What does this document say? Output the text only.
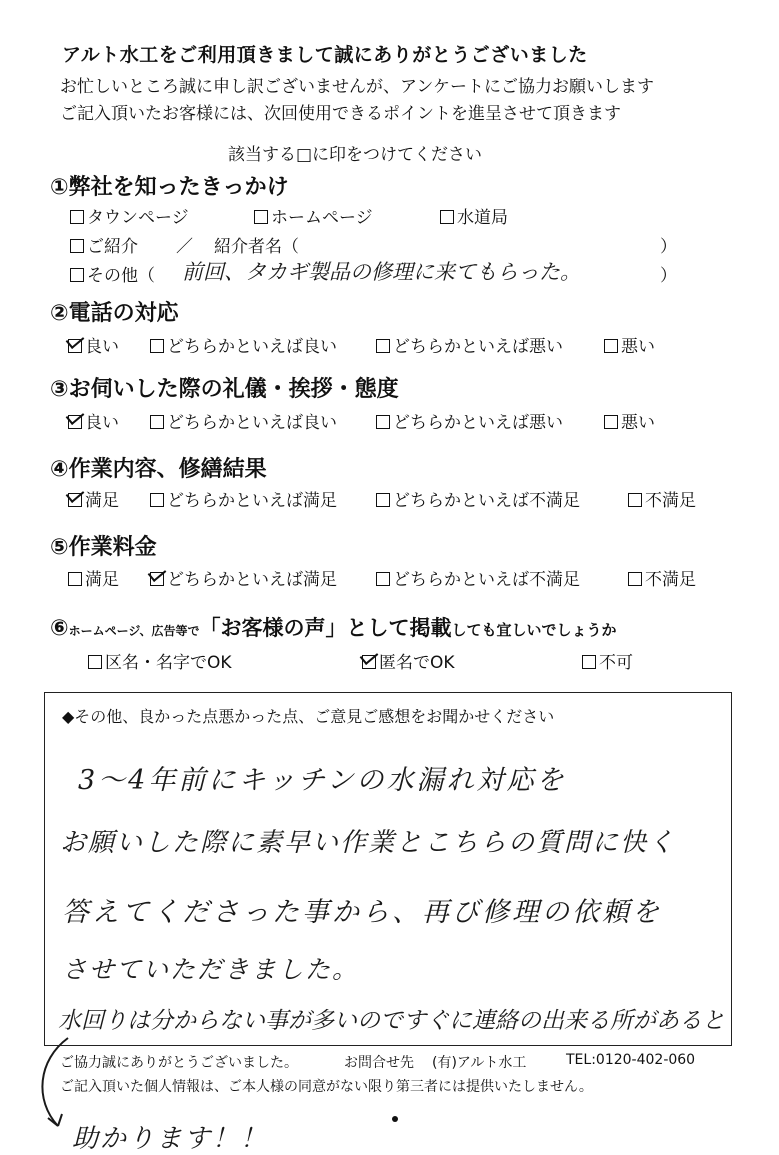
アルト水工をご利用頂きまして誠にありがとうございました
お忙しいところ誠に申し訳ございませんが、アンケートにご協力お願いします
ご記入頂いたお客様には、次回使用できるポイントを進呈させて頂きます
該当する□に印をつけてください
①弊社を知ったきっかけ
タウンページ	ホームページ	水道局
ご紹介 ／ 紹介者名（	）
その他（ 前回、タカギ製品の修理に来てもらった。	）
②電話の対応
良い	どちらかといえば良い	どちらかといえば悪い	悪い
③お伺いした際の礼儀・挨拶・態度
良い	どちらかといえば良い	どちらかといえば悪い	悪い
④作業内容、修繕結果
満足	どちらかといえば満足	どちらかといえば不満足	不満足
⑤作業料金
満足	どちらかといえば満足	どちらかといえば不満足	不満足
⑥ホームページ、広告等で「お客様の声」として掲載しても宜しいでしょうか
区名・名字でOK	匿名でOK	不可
◆その他、良かった点悪かった点、ご意見ご感想をお聞かせください
3～4年前にキッチンの水漏れ対応を
お願いした際に素早い作業とこちらの質問に快く
答えてくださった事から、再び修理の依頼を
させていただきました。
水回りは分からない事が多いのですぐに連絡の出来る所があると
ご協力誠にありがとうございました。	お問合せ先 (有)アルト水工	TEL:0120-402-060
ご記入頂いた個人情報は、ご本人様の同意がない限り第三者には提供いたしません。
助かります！！
